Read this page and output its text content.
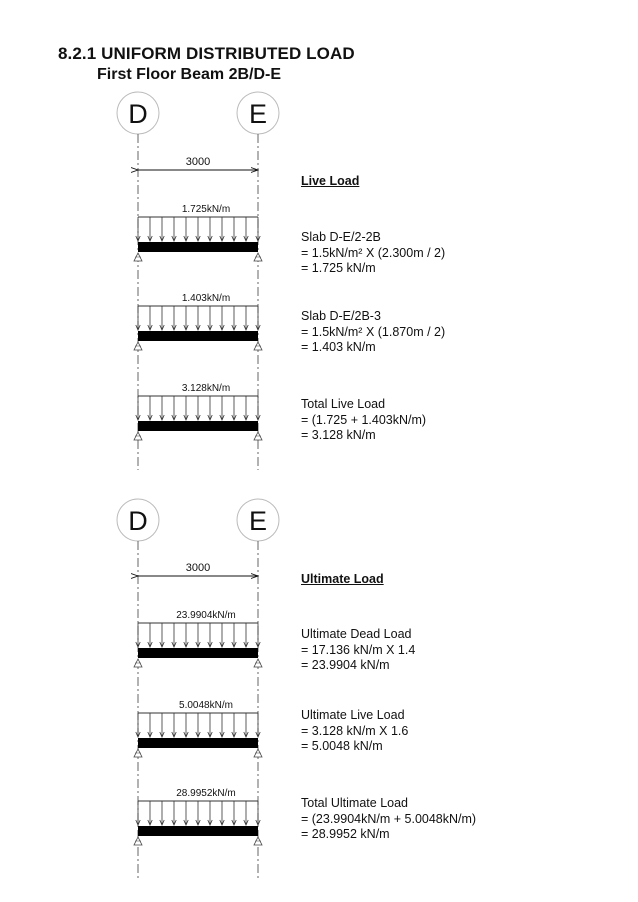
8.2.1 UNIFORM DISTRIBUTED LOAD
First Floor Beam 2B/D-E
D	E
3000
1.725kN/m
1.403kN/m
3.128kN/m
D	E
3000
23.9904kN/m
5.0048kN/m
28.9952kN/m
Live Load
Slab D-E/2-2B
= 1.5kN/m² X (2.300m / 2)
= 1.725 kN/m
Slab D-E/2B-3
= 1.5kN/m² X (1.870m / 2)
= 1.403 kN/m
Total Live Load
= (1.725 + 1.403kN/m)
= 3.128 kN/m
Ultimate Load
Ultimate Dead Load
= 17.136 kN/m X 1.4
= 23.9904 kN/m
Ultimate Live Load
= 3.128 kN/m X 1.6
= 5.0048 kN/m
Total Ultimate Load
= (23.9904kN/m + 5.0048kN/m)
= 28.9952 kN/m
